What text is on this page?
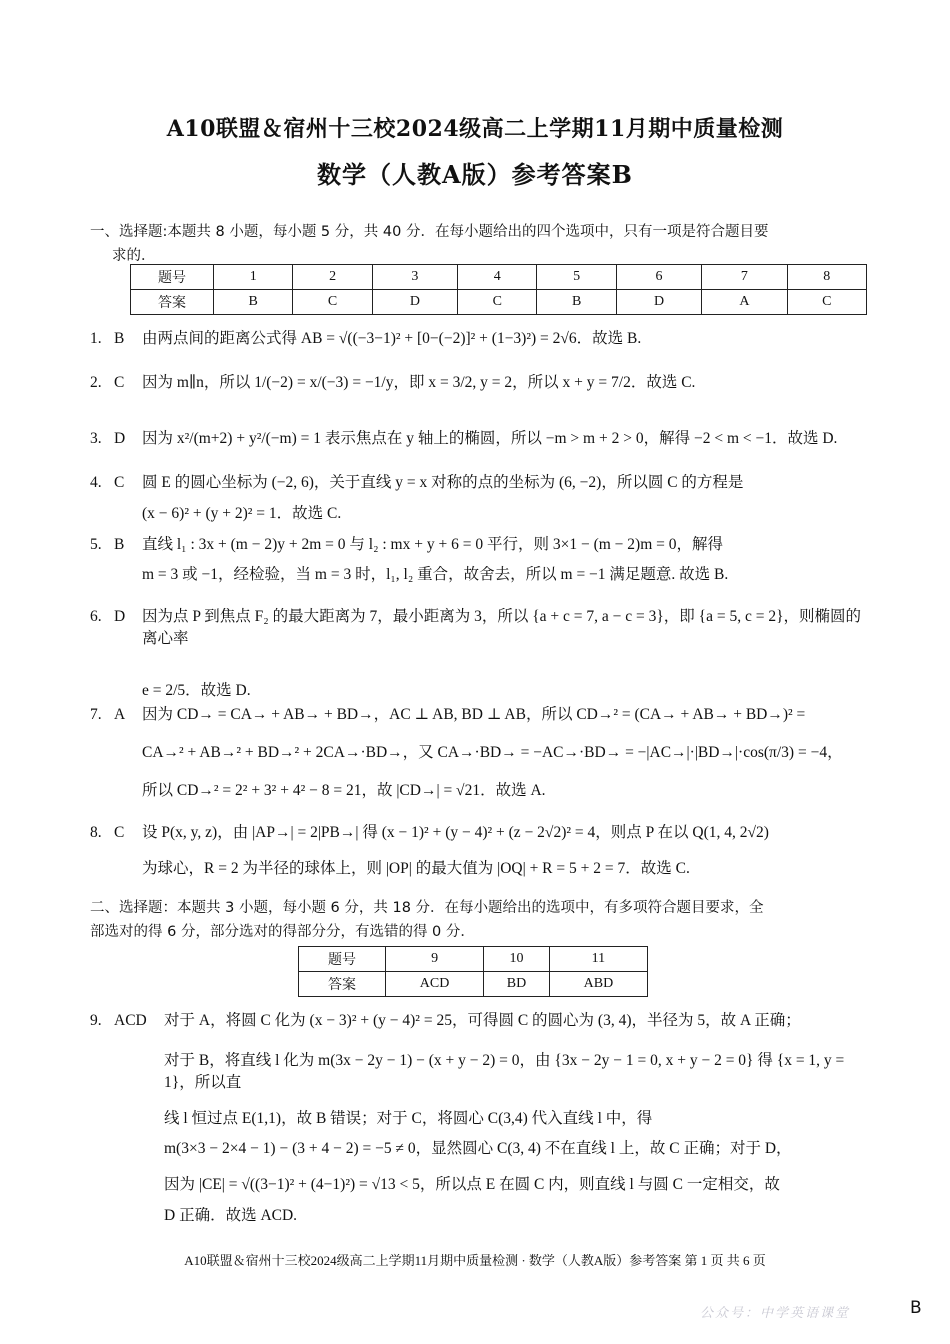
A10联盟＆宿州十三校2024级高二上学期11月期中质量检测
数学（人教A版）参考答案B
一、选择题:本题共 8 小题，每小题 5 分，共 40 分．在每小题给出的四个选项中，只有一项是符合题目要
求的．
题号	1	2	3	4	5	6	7	8
答案	B	C	D	C	B	D	A	C
1. B 由两点间的距离公式得 AB = √((−3−1)² + [0−(−2)]² + (1−3)²) = 2√6．故选 B.
2. C 因为 m∥n，所以 1/(−2) = x/(−3) = −1/y，即 x = 3/2, y = 2，所以 x + y = 7/2．故选 C.
3. D 因为 x²/(m+2) + y²/(−m) = 1 表示焦点在 y 轴上的椭圆，所以 −m > m + 2 > 0，解得 −2 < m < −1．故选 D.
4. C 圆 E 的圆心坐标为 (−2, 6)，关于直线 y = x 对称的点的坐标为 (6, −2)，所以圆 C 的方程是
(x − 6)² + (y + 2)² = 1．故选 C.
5. B 直线 l₁ : 3x + (m − 2)y + 2m = 0 与 l₂ : mx + y + 6 = 0 平行，则 3×1 − (m − 2)m = 0，解得
m = 3 或 −1，经检验，当 m = 3 时，l₁, l₂ 重合，故舍去，所以 m = −1 满足题意. 故选 B.
6. D 因为点 P 到焦点 F₂ 的最大距离为 7，最小距离为 3，所以 {a + c = 7, a − c = 3}，即 {a = 5, c = 2}，则椭圆的离心率
e = 2/5．故选 D.
7. A 因为 CD→ = CA→ + AB→ + BD→，AC ⊥ AB, BD ⊥ AB，所以 CD→² = (CA→ + AB→ + BD→)² =
CA→² + AB→² + BD→² + 2CA→·BD→，又 CA→·BD→ = −AC→·BD→ = −|AC→|·|BD→|·cos(π/3) = −4，
所以 CD→² = 2² + 3² + 4² − 8 = 21，故 |CD→| = √21．故选 A.
8. C 设 P(x, y, z)，由 |AP→| = 2|PB→| 得 (x − 1)² + (y − 4)² + (z − 2√2)² = 4，则点 P 在以 Q(1, 4, 2√2)
为球心，R = 2 为半径的球体上，则 |OP| 的最大值为 |OQ| + R = 5 + 2 = 7．故选 C.
二、选择题：本题共 3 小题，每小题 6 分，共 18 分．在每小题给出的选项中，有多项符合题目要求，全
部选对的得 6 分，部分选对的得部分分，有选错的得 0 分．
题号	9	10	11
答案	ACD	BD	ABD
9. ACD 对于 A，将圆 C 化为 (x − 3)² + (y − 4)² = 25，可得圆 C 的圆心为 (3, 4)，半径为 5，故 A 正确；
对于 B，将直线 l 化为 m(3x − 2y − 1) − (x + y − 2) = 0，由 {3x − 2y − 1 = 0, x + y − 2 = 0} 得 {x = 1, y = 1}，所以直
线 l 恒过点 E(1,1)，故 B 错误；对于 C，将圆心 C(3,4) 代入直线 l 中，得
m(3×3 − 2×4 − 1) − (3 + 4 − 2) = −5 ≠ 0，显然圆心 C(3, 4) 不在直线 l 上，故 C 正确；对于 D，
因为 |CE| = √((3−1)² + (4−1)²) = √13 < 5，所以点 E 在圆 C 内，则直线 l 与圆 C 一定相交，故
D 正确．故选 ACD.
A10联盟＆宿州十三校2024级高二上学期11月期中质量检测 · 数学（人教A版）参考答案 第 1 页 共 6 页
公众号：中学英语课堂	B
